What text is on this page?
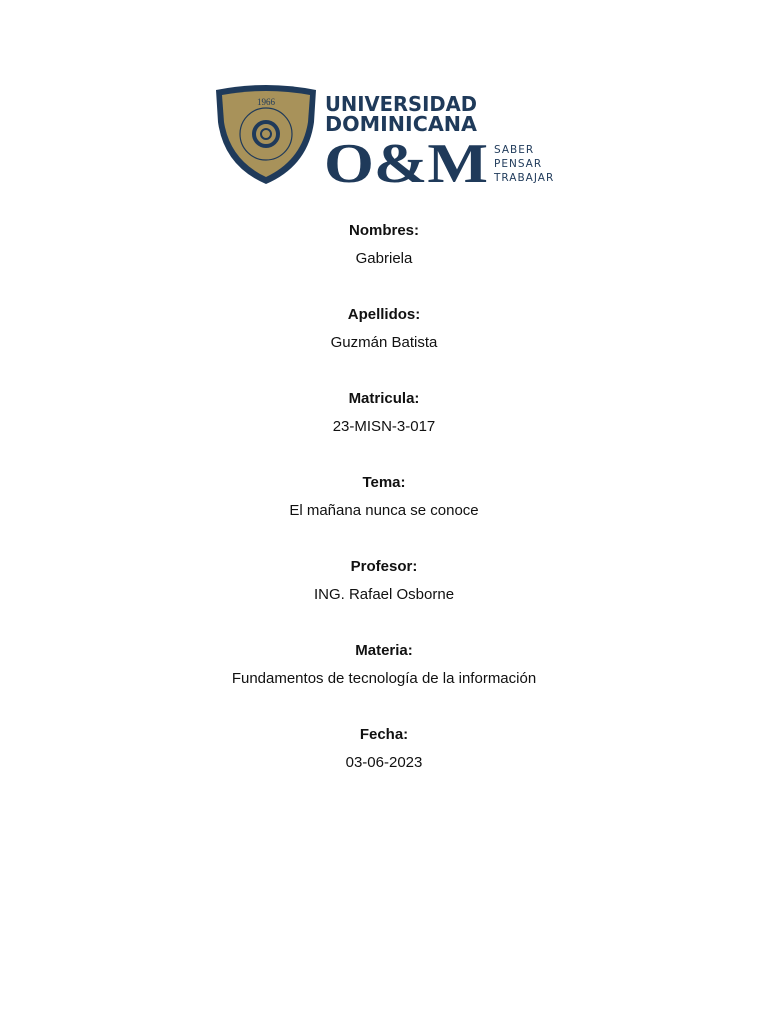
1966	UNIVERSIDAD
DOMINICANA
O&M SABER
PENSAR
TRABAJAR
Nombres:
Gabriela
Apellidos:
Guzmán Batista
Matricula:
23-MISN-3-017
Tema:
El mañana nunca se conoce
Profesor:
ING. Rafael Osborne
Materia:
Fundamentos de tecnología de la información
Fecha:
03-06-2023
